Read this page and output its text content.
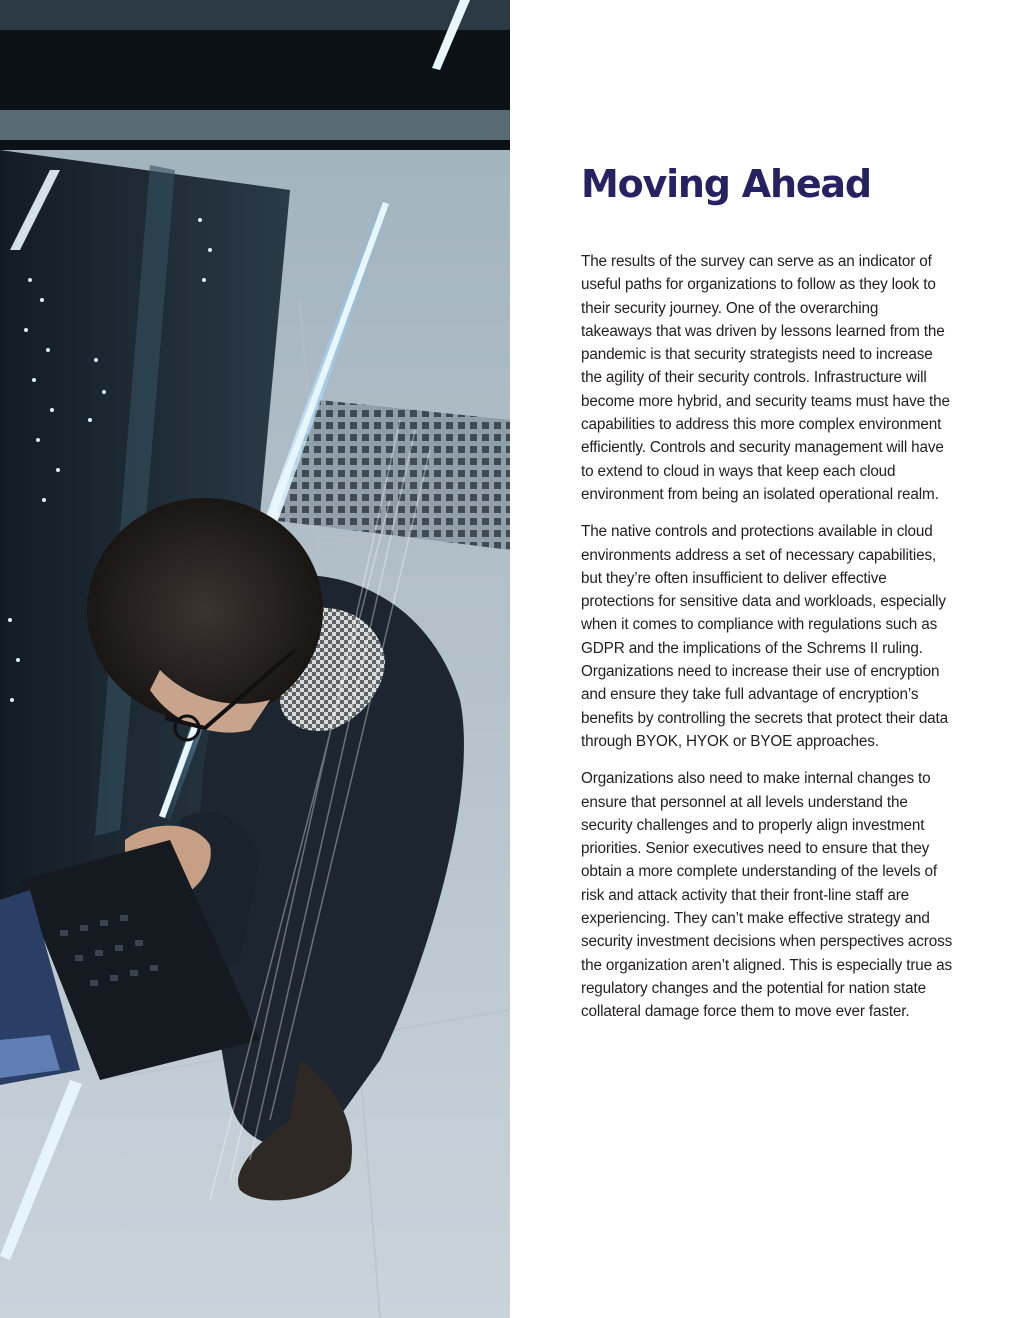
Moving Ahead

The results of the survey can serve as an indicator of useful paths for organizations to follow as they look to their security journey. One of the overarching takeaways that was driven by lessons learned from the pandemic is that security strategists need to increase the agility of their security controls. Infrastructure will become more hybrid, and security teams must have the capabilities to address this more complex environment efficiently. Controls and security management will have to extend to cloud in ways that keep each cloud environment from being an isolated operational realm.

The native controls and protections available in cloud environments address a set of necessary capabilities, but they’re often insufficient to deliver effective protections for sensitive data and workloads, especially when it comes to compliance with regulations such as GDPR and the implications of the Schrems II ruling. Organizations need to increase their use of encryption and ensure they take full advantage of encryption’s benefits by controlling the secrets that protect their data through BYOK, HYOK or BYOE approaches.

Organizations also need to make internal changes to ensure that personnel at all levels understand the security challenges and to properly align investment priorities. Senior executives need to ensure that they obtain a more complete understanding of the levels of risk and attack activity that their front-line staff are experiencing. They can’t make effective strategy and security investment decisions when perspectives across the organization aren’t aligned. This is especially true as regulatory changes and the potential for nation state collateral damage force them to move ever faster.
